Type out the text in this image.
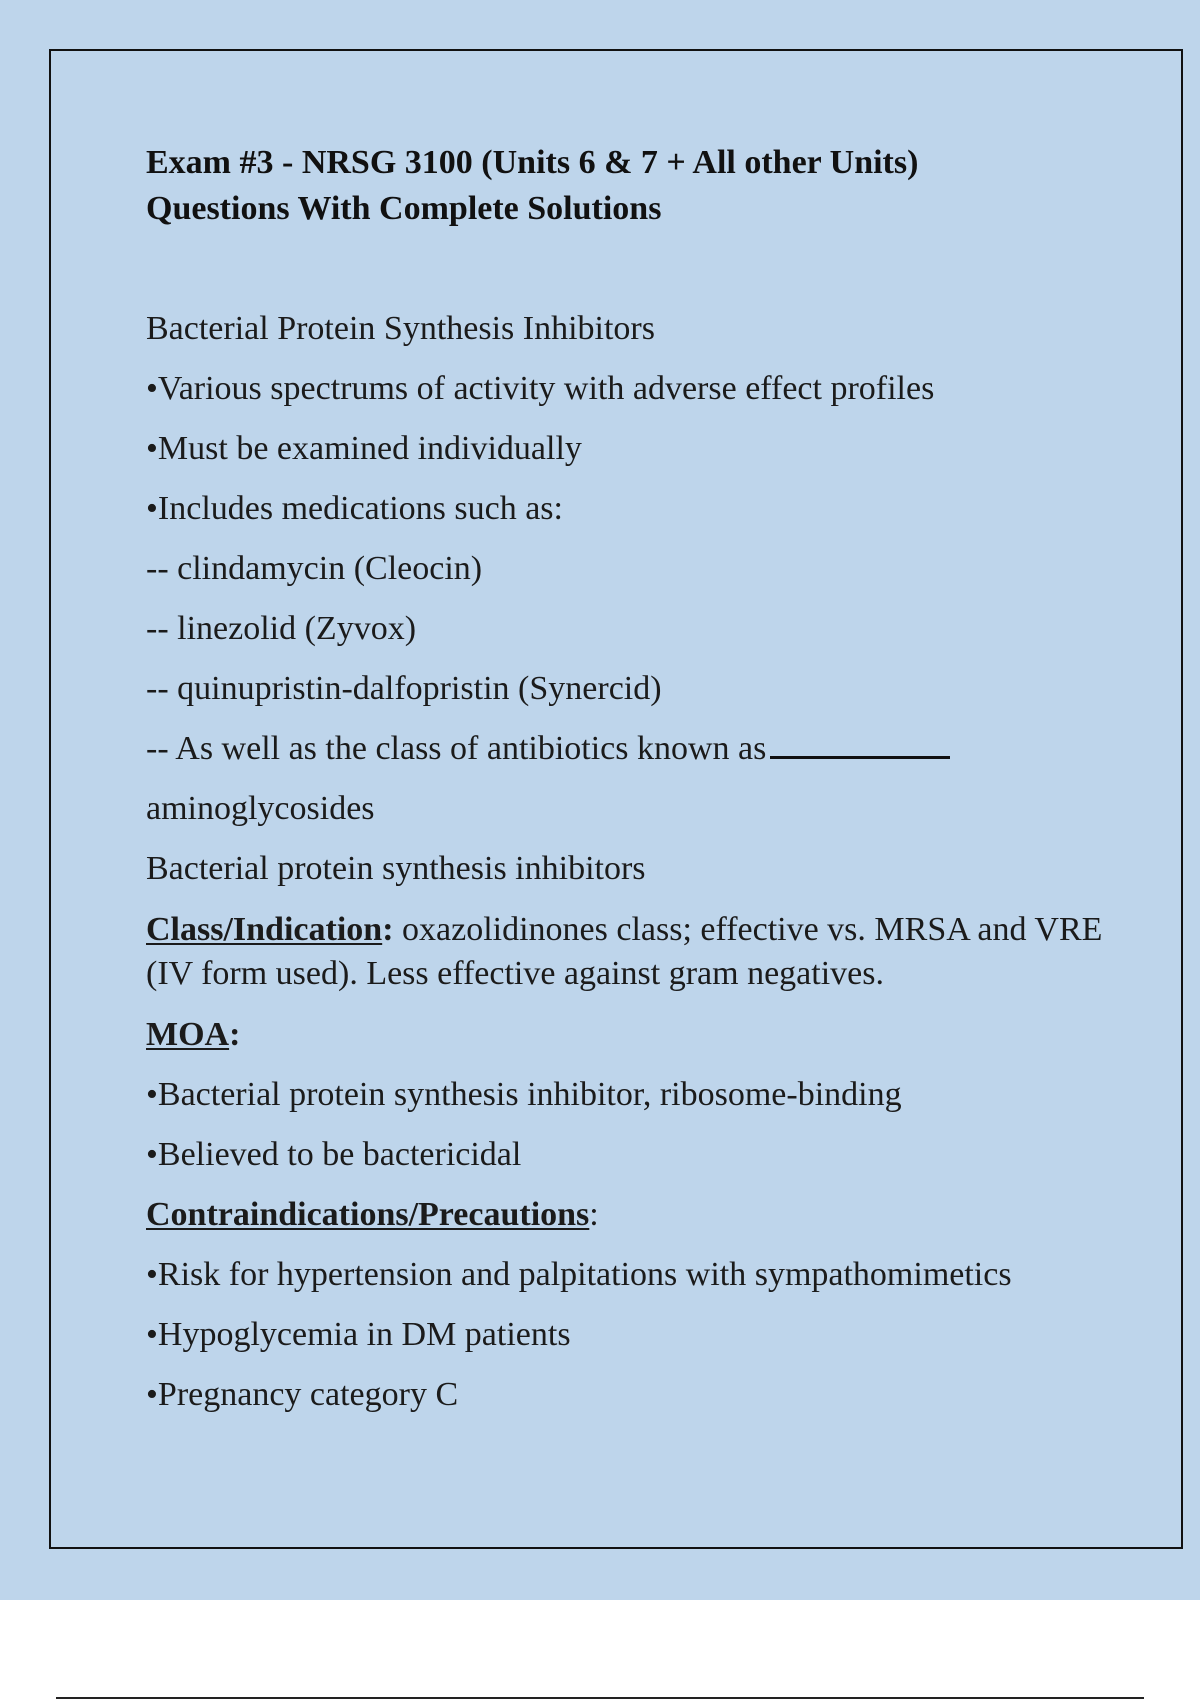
Exam #3 - NRSG 3100 (Units 6 & 7 + All other Units)
Questions With Complete Solutions

Bacterial Protein Synthesis Inhibitors

•Various spectrums of activity with adverse effect profiles

•Must be examined individually

•Includes medications such as:

-- clindamycin (Cleocin)

-- linezolid (Zyvox)

-- quinupristin-dalfopristin (Synercid)

-- As well as the class of antibiotics known as

aminoglycosides

Bacterial protein synthesis inhibitors

Class/Indication: oxazolidinones class; effective vs. MRSA and VRE (IV form used). Less effective against gram negatives.

MOA:

•Bacterial protein synthesis inhibitor, ribosome-binding

•Believed to be bactericidal

Contraindications/Precautions:

•Risk for hypertension and palpitations with sympathomimetics

•Hypoglycemia in DM patients

•Pregnancy category C
